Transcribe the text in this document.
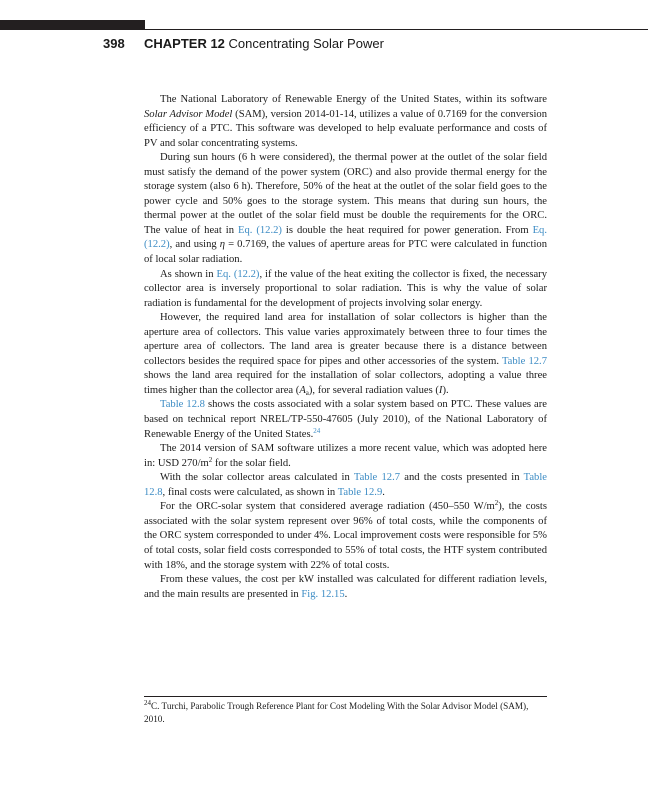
398 CHAPTER 12 Concentrating Solar Power

The National Laboratory of Renewable Energy of the United States, within its software Solar Advisor Model (SAM), version 2014-01-14, utilizes a value of 0.7169 for the conversion efficiency of a PTC. This software was developed to help evaluate performance and costs of PV and solar concentrating systems.

During sun hours (6 h were considered), the thermal power at the outlet of the solar field must satisfy the demand of the power system (ORC) and also provide thermal energy for the storage system (also 6 h). Therefore, 50% of the heat at the outlet of the solar field goes to the power cycle and 50% goes to the storage system. This means that during sun hours, the thermal power at the outlet of the solar field must be double the requirements for the ORC. The value of heat in Eq. (12.2) is double the heat required for power generation. From Eq. (12.2), and using η = 0.7169, the values of aperture areas for PTC were calculated in function of local solar radiation.

As shown in Eq. (12.2), if the value of the heat exiting the collector is fixed, the necessary collector area is inversely proportional to solar radiation. This is why the value of solar radiation is fundamental for the development of projects involving solar energy.

However, the required land area for installation of solar collectors is higher than the aperture area of collectors. This value varies approximately between three to four times the aperture area of collectors. The land area is greater because there is a distance between collectors besides the required space for pipes and other accessories of the system. Table 12.7 shows the land area required for the installation of solar collectors, adopting a value three times higher than the collector area $(A_a)$, for several radiation values (I).

Table 12.8 shows the costs associated with a solar system based on PTC. These values are based on technical report NREL/TP-550-47605 (July 2010), of the National Laboratory of Renewable Energy of the United States.$^{24}$

The 2014 version of SAM software utilizes a more recent value, which was adopted here in: USD $270/m^2$ for the solar field.

With the solar collector areas calculated in Table 12.7 and the costs presented in Table 12.8, final costs were calculated, as shown in Table 12.9.

For the ORC-solar system that considered average radiation (450–550 $W/m^2$), the costs associated with the solar system represent over 96% of total costs, while the components of the ORC system corresponded to under 4%. Local improvement costs were responsible for 5% of total costs, solar field costs corresponded to 55% of total costs, the HTF system contributed with 18%, and the storage system with 22% of total costs.

From these values, the cost per kW installed was calculated for different radiation levels, and the main results are presented in Fig. 12.15.

$^{24}$C. Turchi, Parabolic Trough Reference Plant for Cost Modeling With the Solar Advisor Model (SAM), 2010.
